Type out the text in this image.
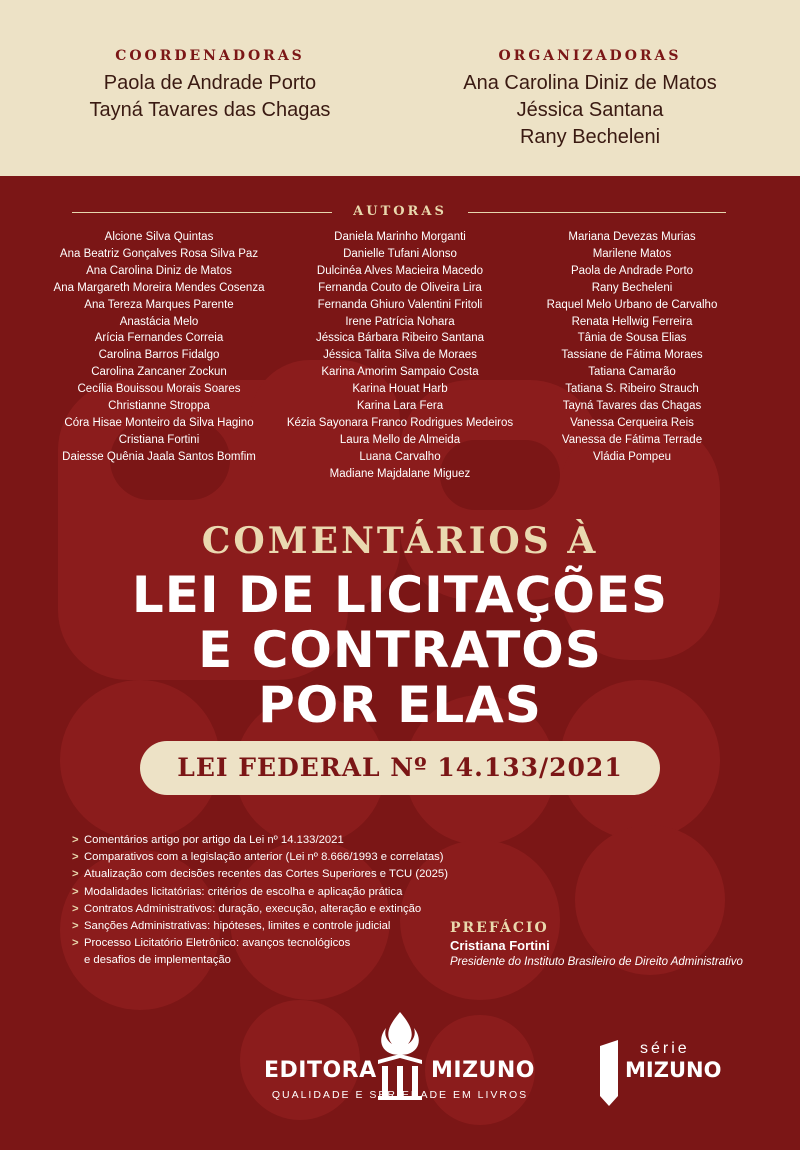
COORDENADORAS
Paola de Andrade Porto
Tayná Tavares das Chagas
ORGANIZADORAS
Ana Carolina Diniz de Matos
Jéssica Santana
Rany Becheleni
AUTORAS
Alcione Silva Quintas
Ana Beatriz Gonçalves Rosa Silva Paz
Ana Carolina Diniz de Matos
Ana Margareth Moreira Mendes Cosenza
Ana Tereza Marques Parente
Anastácia Melo
Arícia Fernandes Correia
Carolina Barros Fidalgo
Carolina Zancaner Zockun
Cecília Bouissou Morais Soares
Christianne Stroppa
Córa Hisae Monteiro da Silva Hagino
Cristiana Fortini
Daiesse Quênia Jaala Santos Bomfim
Daniela Marinho Morganti
Danielle Tufani Alonso
Dulcinéa Alves Macieira Macedo
Fernanda Couto de Oliveira Lira
Fernanda Ghiuro Valentini Fritoli
Irene Patrícia Nohara
Jéssica Bárbara Ribeiro Santana
Jéssica Talita Silva de Moraes
Karina Amorim Sampaio Costa
Karina Houat Harb
Karina Lara Fera
Kézia Sayonara Franco Rodrigues Medeiros
Laura Mello de Almeida
Luana Carvalho
Madiane Majdalane Miguez
Mariana Devezas Murias
Marilene Matos
Paola de Andrade Porto
Rany Becheleni
Raquel Melo Urbano de Carvalho
Renata Hellwig Ferreira
Tânia de Sousa Elias
Tassiane de Fátima Moraes
Tatiana Camarão
Tatiana S. Ribeiro Strauch
Tayná Tavares das Chagas
Vanessa Cerqueira Reis
Vanessa de Fátima Terrade
Vládia Pompeu
COMENTÁRIOS À
LEI DE LICITAÇÕES
E CONTRATOS
POR ELAS
LEI FEDERAL Nº 14.133/2021
> Comentários artigo por artigo da Lei nº 14.133/2021
> Comparativos com a legislação anterior (Lei nº 8.666/1993 e correlatas)
> Atualização com decisões recentes das Cortes Superiores e TCU (2025)
> Modalidades licitatórias: critérios de escolha e aplicação prática
> Contratos Administrativos: duração, execução, alteração e extinção
> Sanções Administrativas: hipóteses, limites e controle judicial
> Processo Licitatório Eletrônico: avanços tecnológicos
e desafios de implementação
PREFÁCIO
Cristiana Fortini
Presidente do Instituto Brasileiro de Direito Administrativo
EDITORA MIZUNO
QUALIDADE E SERIEDADE EM LIVROS
série
MIZUNO
